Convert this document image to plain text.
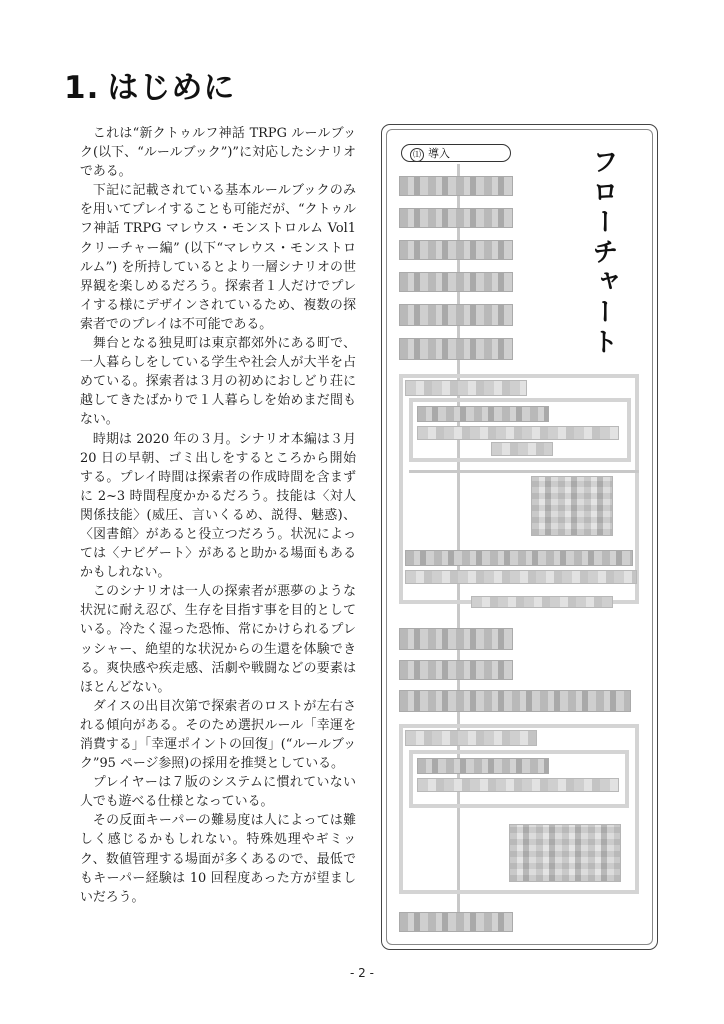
1. はじめに

これは“新クトゥルフ神話 TRPG ルールブック(以下、“ルールブック”)”に対応したシナリオである。

下記に記載されている基本ルールブックのみを用いてプレイすることも可能だが、“クトゥルフ神話 TRPG マレウス・モンストロルム Vol1 クリーチャー編” (以下“マレウス・モンストロルム”) を所持しているとより一層シナリオの世界観を楽しめるだろう。探索者１人だけでプレイする様にデザインされているため、複数の探索者でのプレイは不可能である。

舞台となる独見町は東京都郊外にある町で、一人暮らしをしている学生や社会人が大半を占めている。探索者は３月の初めにおしどり荘に越してきたばかりで１人暮らしを始めまだ間もない。

時期は 2020 年の３月。シナリオ本編は３月 20 日の早朝、ゴミ出しをするところから開始する。プレイ時間は探索者の作成時間を含まずに 2~3 時間程度かかるだろう。技能は〈対人関係技能〉(威圧、言いくるめ、説得、魅惑)、〈図書館〉があると役立つだろう。状況によっては〈ナビゲート〉があると助かる場面もあるかもしれない。

このシナリオは一人の探索者が悪夢のような状況に耐え忍び、生存を目指す事を目的としている。冷たく湿った恐怖、常にかけられるプレッシャー、絶望的な状況からの生還を体験できる。爽快感や疾走感、活劇や戦闘などの要素はほとんどない。

ダイスの出目次第で探索者のロストが左右される傾向がある。そのため選択ルール「幸運を消費する」「幸運ポイントの回復」(“ルールブック”95 ページ参照)の採用を推奨としている。

プレイヤーは７版のシステムに慣れていない人でも遊べる仕様となっている。

その反面キーパーの難易度は人によっては難しく感じるかもしれない。特殊処理やギミック、数値管理する場面が多くあるので、最低でもキーパー経験は 10 回程度あった方が望ましいだろう。

⑴ 導入	フローチャート
- 2 -
